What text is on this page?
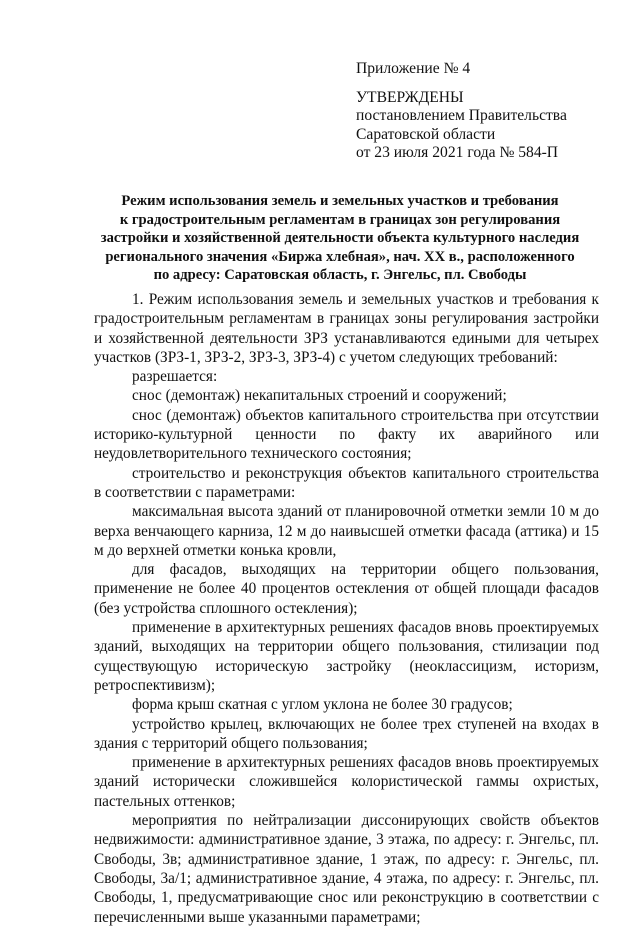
Приложение № 4
УТВЕРЖДЕНЫ
постановлением Правительства
Саратовской области
от 23 июля 2021 года № 584-П
Режим использования земель и земельных участков и требования
к градостроительным регламентам в границах зон регулирования
застройки и хозяйственной деятельности объекта культурного наследия
регионального значения «Биржа хлебная», нач. XX в., расположенного
по адресу: Саратовская область, г. Энгельс, пл. Свободы

1. Режим использования земель и земельных участков и требования к градостроительным регламентам в границах зоны регулирования застройки и хозяйственной деятельности ЗРЗ устанавливаются едиными для четырех участков (ЗРЗ-1, ЗРЗ-2, ЗРЗ-3, ЗРЗ-4) с учетом следующих требований:

разрешается:

снос (демонтаж) некапитальных строений и сооружений;

снос (демонтаж) объектов капитального строительства при отсутствии историко-культурной ценности по факту их аварийного или неудовлетворительного технического состояния;

строительство и реконструкция объектов капитального строительства в соответствии с параметрами:

максимальная высота зданий от планировочной отметки земли 10 м до верха венчающего карниза, 12 м до наивысшей отметки фасада (аттика) и 15 м до верхней отметки конька кровли,

для фасадов, выходящих на территории общего пользования, применение не более 40 процентов остекления от общей площади фасадов (без устройства сплошного остекления);

применение в архитектурных решениях фасадов вновь проектируемых зданий, выходящих на территории общего пользования, стилизации под существующую историческую застройку (неоклассицизм, историзм, ретроспективизм);

форма крыш скатная с углом уклона не более 30 градусов;

устройство крылец, включающих не более трех ступеней на входах в здания с территорий общего пользования;

применение в архитектурных решениях фасадов вновь проектируемых зданий исторически сложившейся колористической гаммы охристых, пастельных оттенков;

мероприятия по нейтрализации диссонирующих свойств объектов недвижимости: административное здание, 3 этажа, по адресу: г. Энгельс, пл. Свободы, 3в; административное здание, 1 этаж, по адресу: г. Энгельс, пл. Свободы, 3а/1; административное здание, 4 этажа, по адресу: г. Энгельс, пл. Свободы, 1, предусматривающие снос или реконструкцию в соответствии с перечисленными выше указанными параметрами;
